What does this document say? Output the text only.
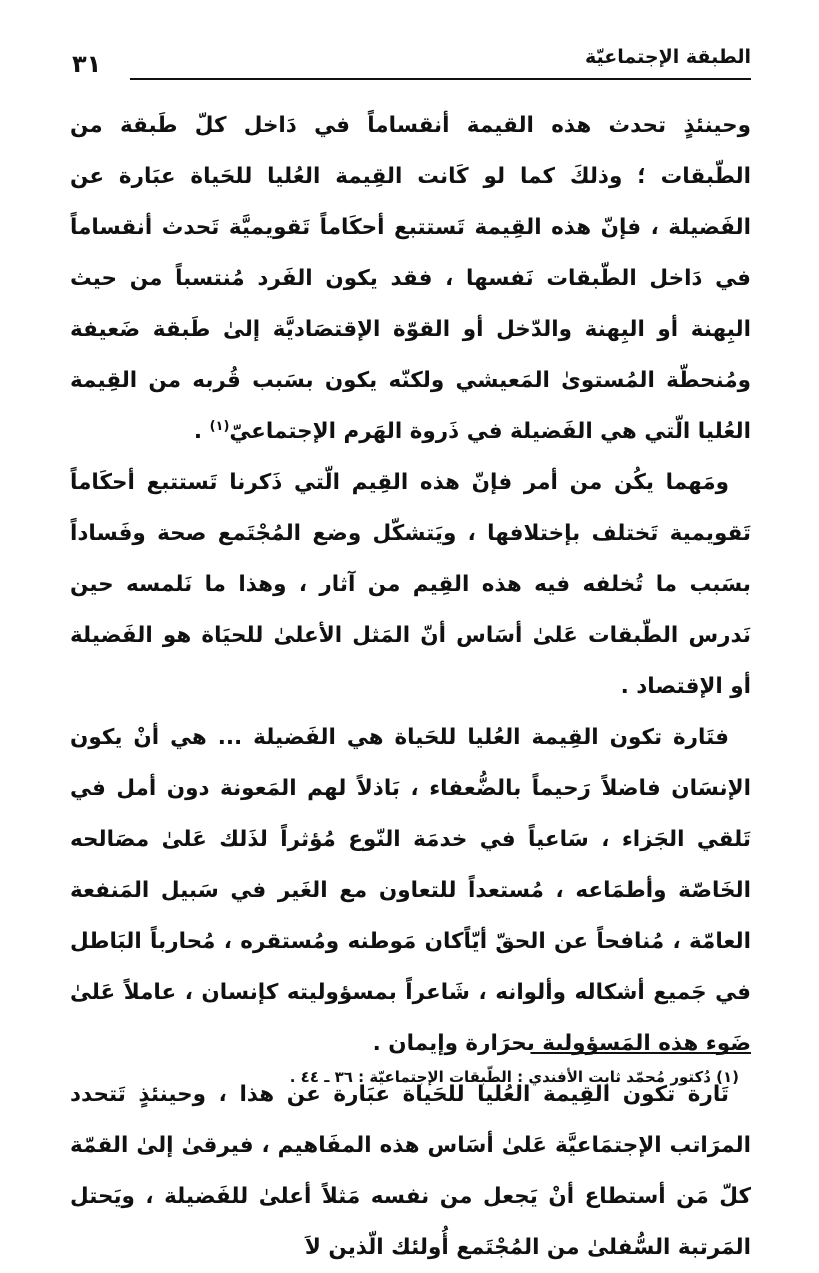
الطبقة الإجتماعيّة
٣١

وحينئذٍ تحدث هذه القيمة أنقساماً في دَاخل كلّ طَبقة من الطّبقات ؛ وذلكَ كما لو كَانت القِيمة العُليا للحَياة عبَارة عن الفَضيلة ، فإنّ هذه القِيمة تَستتبع أحكَاماً تَقويميَّة تَحدث أنقساماً في دَاخل الطّبقات نَفسها ، فقد يكون الفَرد مُنتسباً من حيث البِهنة أو البِهنة والدّخل أو القوّة الإقتصَاديَّة إلىٰ طَبقة ضَعيفة ومُنحطّة المُستوىٰ المَعيشي ولكنّه يكون بسَبب قُربه من القِيمة العُليا الّتي هي الفَضيلة في ذَروة الهَرم الإجتماعيّ$^{(١)}$ .

ومَهما يكُن من أمر فإنّ هذه القِيم الّتي ذَكرنا تَستتبع أحكَاماً تَقويمية تَختلف بإختلافها ، ويَتشكّل وضع المُجْتَمع صحة وفَساداً بسَبب ما تُخلفه فيه هذه القِيم من آثار ، وهذا ما نَلمسه حين نَدرس الطّبقات عَلىٰ أسَاس أنّ المَثل الأعلىٰ للحيَاة هو الفَضيلة أو الإقتصاد .

فتَارة تكون القِيمة العُليا للحَياة هي الفَضيلة ... هي أنْ يكون الإنسَان فاضلاً رَحيماً بالضُّعفاء ، بَاذلاً لهم المَعونة دون أمل في تَلقي الجَزاء ، سَاعياً في خدمَة النّوع مُؤثراً لذَلك عَلىٰ مصَالحه الخَاصّة وأطمَاعه ، مُستعداً للتعاون مع الغَير في سَبيل المَنفعة العامّة ، مُنافحاً عن الحقّ أيّاًكان مَوطنه ومُستقره ، مُحارباً البَاطل في جَميع أشكاله وألوانه ، شَاعراً بمسؤوليته كإنسان ، عاملاً عَلىٰ ضَوء هذه المَسؤولية بحرَارة وإيمان .

تَارة تكون القِيمة العُليا للحَياة عبَارة عن هذا ، وحينئذٍ تَتحدد المرَاتب الإجتمَاعيَّة عَلىٰ أسَاس هذه المفَاهيم ، فيرقىٰ إلىٰ القمّة كلّ مَن أستطاع أنْ يَجعل من نفسه مَثلاً أعلىٰ للفَضيلة ، ويَحتل المَرتبة السُّفلىٰ من المُجْتَمع أُولئك الّذين لاَ

(١) دُكتور مُحمّد ثابت الأفندي : الطّبقات الإجتماعيّة : ٣٦ ـ ٤٤ .
